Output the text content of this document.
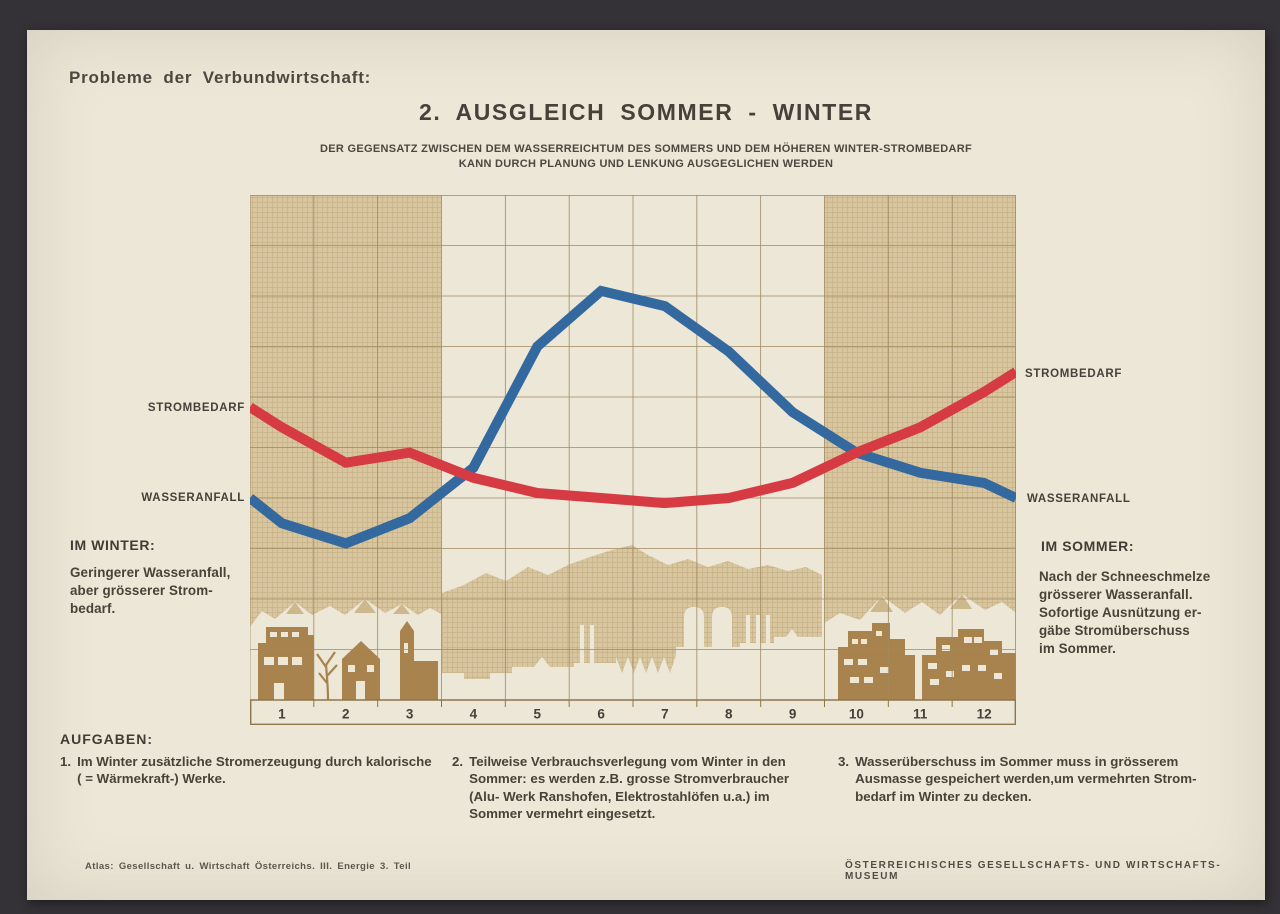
Probleme der Verbundwirtschaft:
2. AUSGLEICH SOMMER - WINTER
DER GEGENSATZ ZWISCHEN DEM WASSERREICHTUM DES SOMMERS UND DEM HÖHEREN WINTER-STROMBEDARF
KANN DURCH PLANUNG UND LENKUNG AUSGEGLICHEN WERDEN
1	2	3	4	5	6	7	8	9	10	11	12
STROMBEDARF
WASSERANFALL
IM WINTER:
Geringerer Wasseranfall,
aber grösserer Strom-
bedarf.
STROMBEDARF
WASSERANFALL
IM SOMMER:
Nach der Schneeschmelze
grösserer Wasseranfall.
Sofortige Ausnützung er-
gäbe Stromüberschuss
im Sommer.
AUFGABEN:
1. Im Winter zusätzliche Stromerzeugung durch kalorische
( = Wärmekraft-) Werke.
2. Teilweise Verbrauchsverlegung vom Winter in den
Sommer: es werden z.B. grosse Stromverbraucher
(Alu- Werk Ranshofen, Elektrostahlöfen u.a.) im
Sommer vermehrt eingesetzt.
3. Wasserüberschuss im Sommer muss in grösserem
Ausmasse gespeichert werden,um vermehrten Strom-
bedarf im Winter zu decken.
Atlas: Gesellschaft u. Wirtschaft Österreichs. III. Energie 3. Teil	ÖSTERREICHISCHES GESELLSCHAFTS- UND WIRTSCHAFTS- MUSEUM
